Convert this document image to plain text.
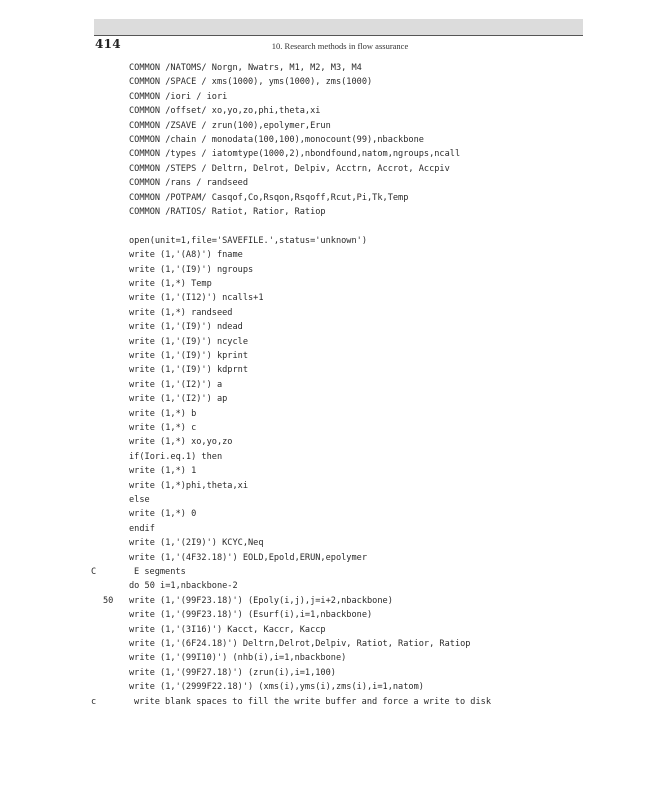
414	10. Research methods in flow assurance
COMMON /NATOMS/ Norgn, Nwatrs, M1, M2, M3, M4
COMMON /SPACE / xms(1000), yms(1000), zms(1000)
COMMON /iori / iori
COMMON /offset/ xo,yo,zo,phi,theta,xi
COMMON /ZSAVE / zrun(100),epolymer,Erun
COMMON /chain / monodata(100,100),monocount(99),nbackbone
COMMON /types / iatomtype(1000,2),nbondfound,natom,ngroups,ncall
COMMON /STEPS / Deltrn, Delrot, Delpiv, Acctrn, Accrot, Accpiv
COMMON /rans / randseed
COMMON /POTPAM/ Casqof,Co,Rsqon,Rsqoff,Rcut,Pi,Tk,Temp
COMMON /RATIOS/ Ratiot, Ratior, Ratiop
open(unit=1,file='SAVEFILE.',status='unknown')
write (1,'(A8)') fname
write (1,'(I9)') ngroups
write (1,*) Temp
write (1,'(I12)') ncalls+1
write (1,*) randseed
write (1,'(I9)') ndead
write (1,'(I9)') ncycle
write (1,'(I9)') kprint
write (1,'(I9)') kdprnt
write (1,'(I2)') a
write (1,'(I2)') ap
write (1,*) b
write (1,*) c
write (1,*) xo,yo,zo
if(Iori.eq.1) then
write (1,*) 1
write (1,*)phi,theta,xi
else
write (1,*) 0
endif
write (1,'(2I9)') KCYC,Neq
write (1,'(4F32.18)') EOLD,Epold,ERUN,epolymer
C	E segments
do 50 i=1,nbackbone-2
50	write (1,'(99F23.18)') (Epoly(i,j),j=i+2,nbackbone)
write (1,'(99F23.18)') (Esurf(i),i=1,nbackbone)
write (1,'(3I16)') Kacct, Kaccr, Kaccp
write (1,'(6F24.18)') Deltrn,Delrot,Delpiv, Ratiot, Ratior, Ratiop
write (1,'(99I10)') (nhb(i),i=1,nbackbone)
write (1,'(99F27.18)') (zrun(i),i=1,100)
write (1,'(2999F22.18)') (xms(i),yms(i),zms(i),i=1,natom)
c	write blank spaces to fill the write buffer and force a write to disk
